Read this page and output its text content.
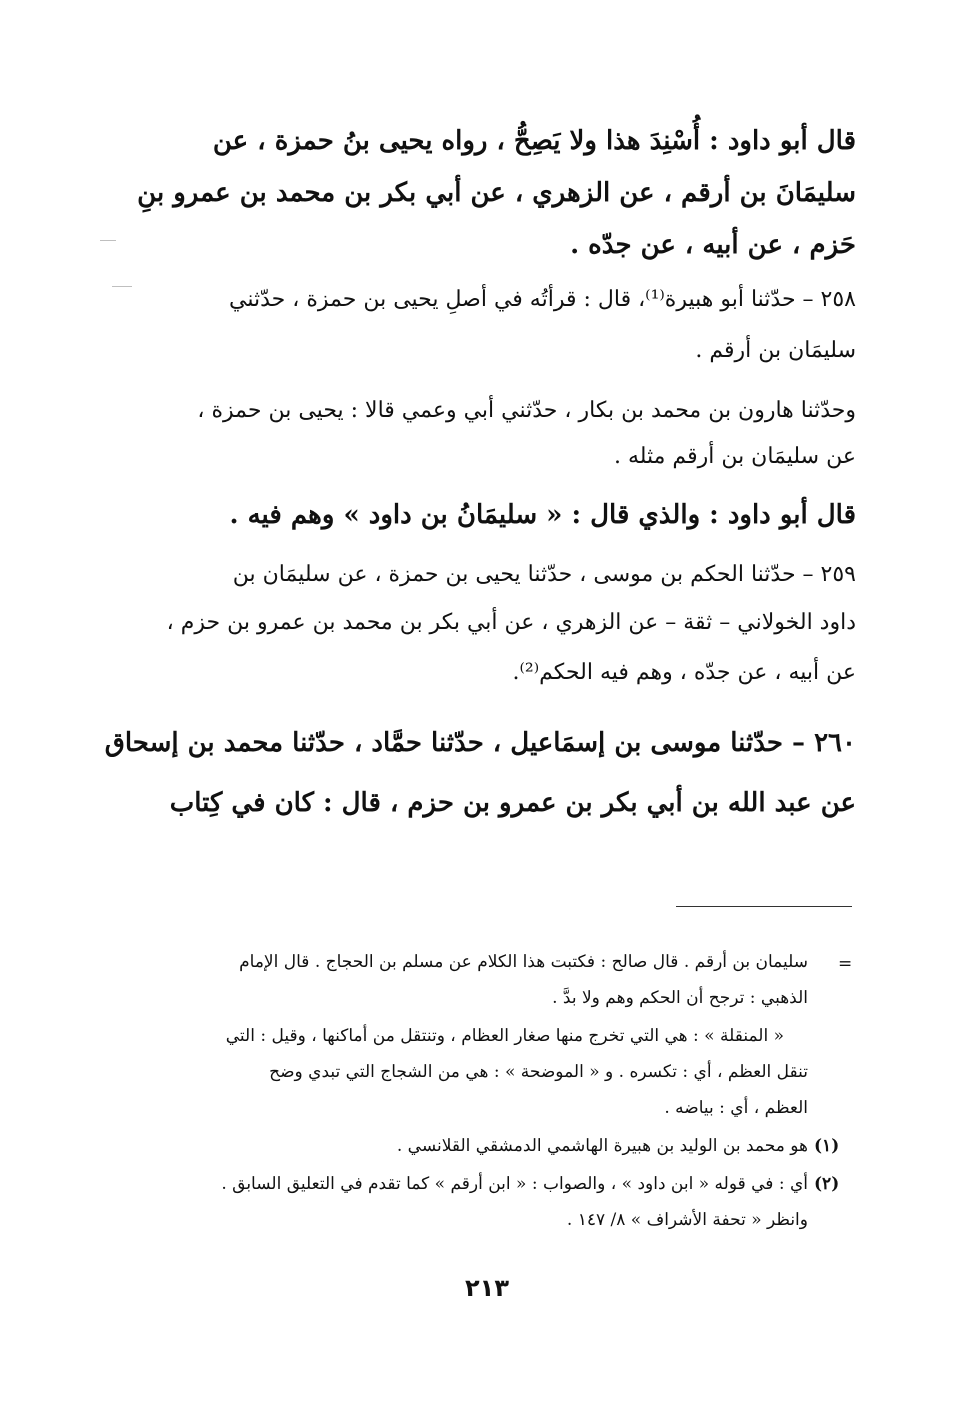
قال أبو داود : أُسْنِدَ هذا ولا يَصِحُّ ، رواه يحيى بنُ حمزة ، عن
سليمَانَ بن أرقم ، عن الزهري ، عن أبي بكر بن محمد بن عمرو بنِ
حَزم ، عن أبيه ، عن جدّه .
٢٥٨ – حدّثنا أبو هبيرة⁽¹⁾، قال : قرأتُه في أصلِ يحيى بن حمزة ، حدّثني
سليمَان بن أرقم .
وحدّثنا هارون بن محمد بن بكار ، حدّثني أبي وعمي قالا : يحيى بن حمزة ،
عن سليمَان بن أرقم مثله .
قال أبو داود : والذي قال : « سليمَانُ بن داود » وهم فيه .
٢٥٩ – حدّثنا الحكم بن موسى ، حدّثنا يحيى بن حمزة ، عن سليمَان بن
داود الخولاني – ثقة – عن الزهري ، عن أبي بكر بن محمد بن عمرو بن حزم ،
عن أبيه ، عن جدّه ، وهم فيه الحكم⁽²⁾.
٢٦٠ – حدّثنا موسى بن إسمَاعيل ، حدّثنا حمَّاد ، حدّثنا محمد بن إسحاق
عن عبد الله بن أبي بكر بن عمرو بن حزم ، قال : كان في كِتاب
=
سليمان بن أرقم . قال صالح : فكتبت هذا الكلام عن مسلم بن الحجاج . قال الإمام
الذهبي : ترجح أن الحكم وهم ولا بدَّ .
« المنقلة » : هي التي تخرج منها صغار العظام ، وتنتقل من أماكنها ، وقيل : التي
تنقل العظم ، أي : تكسره . و « الموضحة » : هي من الشجاج التي تبدي وضح
العظم ، أي : بياضه .
(١)
هو محمد بن الوليد بن هبيرة الهاشمي الدمشقي القلانسي .
(٢)
أي : في قوله « ابن داود » ، والصواب : « ابن أرقم » كما تقدم في التعليق السابق .
وانظر « تحفة الأشراف » ٨/ ١٤٧ .
٢١٣
